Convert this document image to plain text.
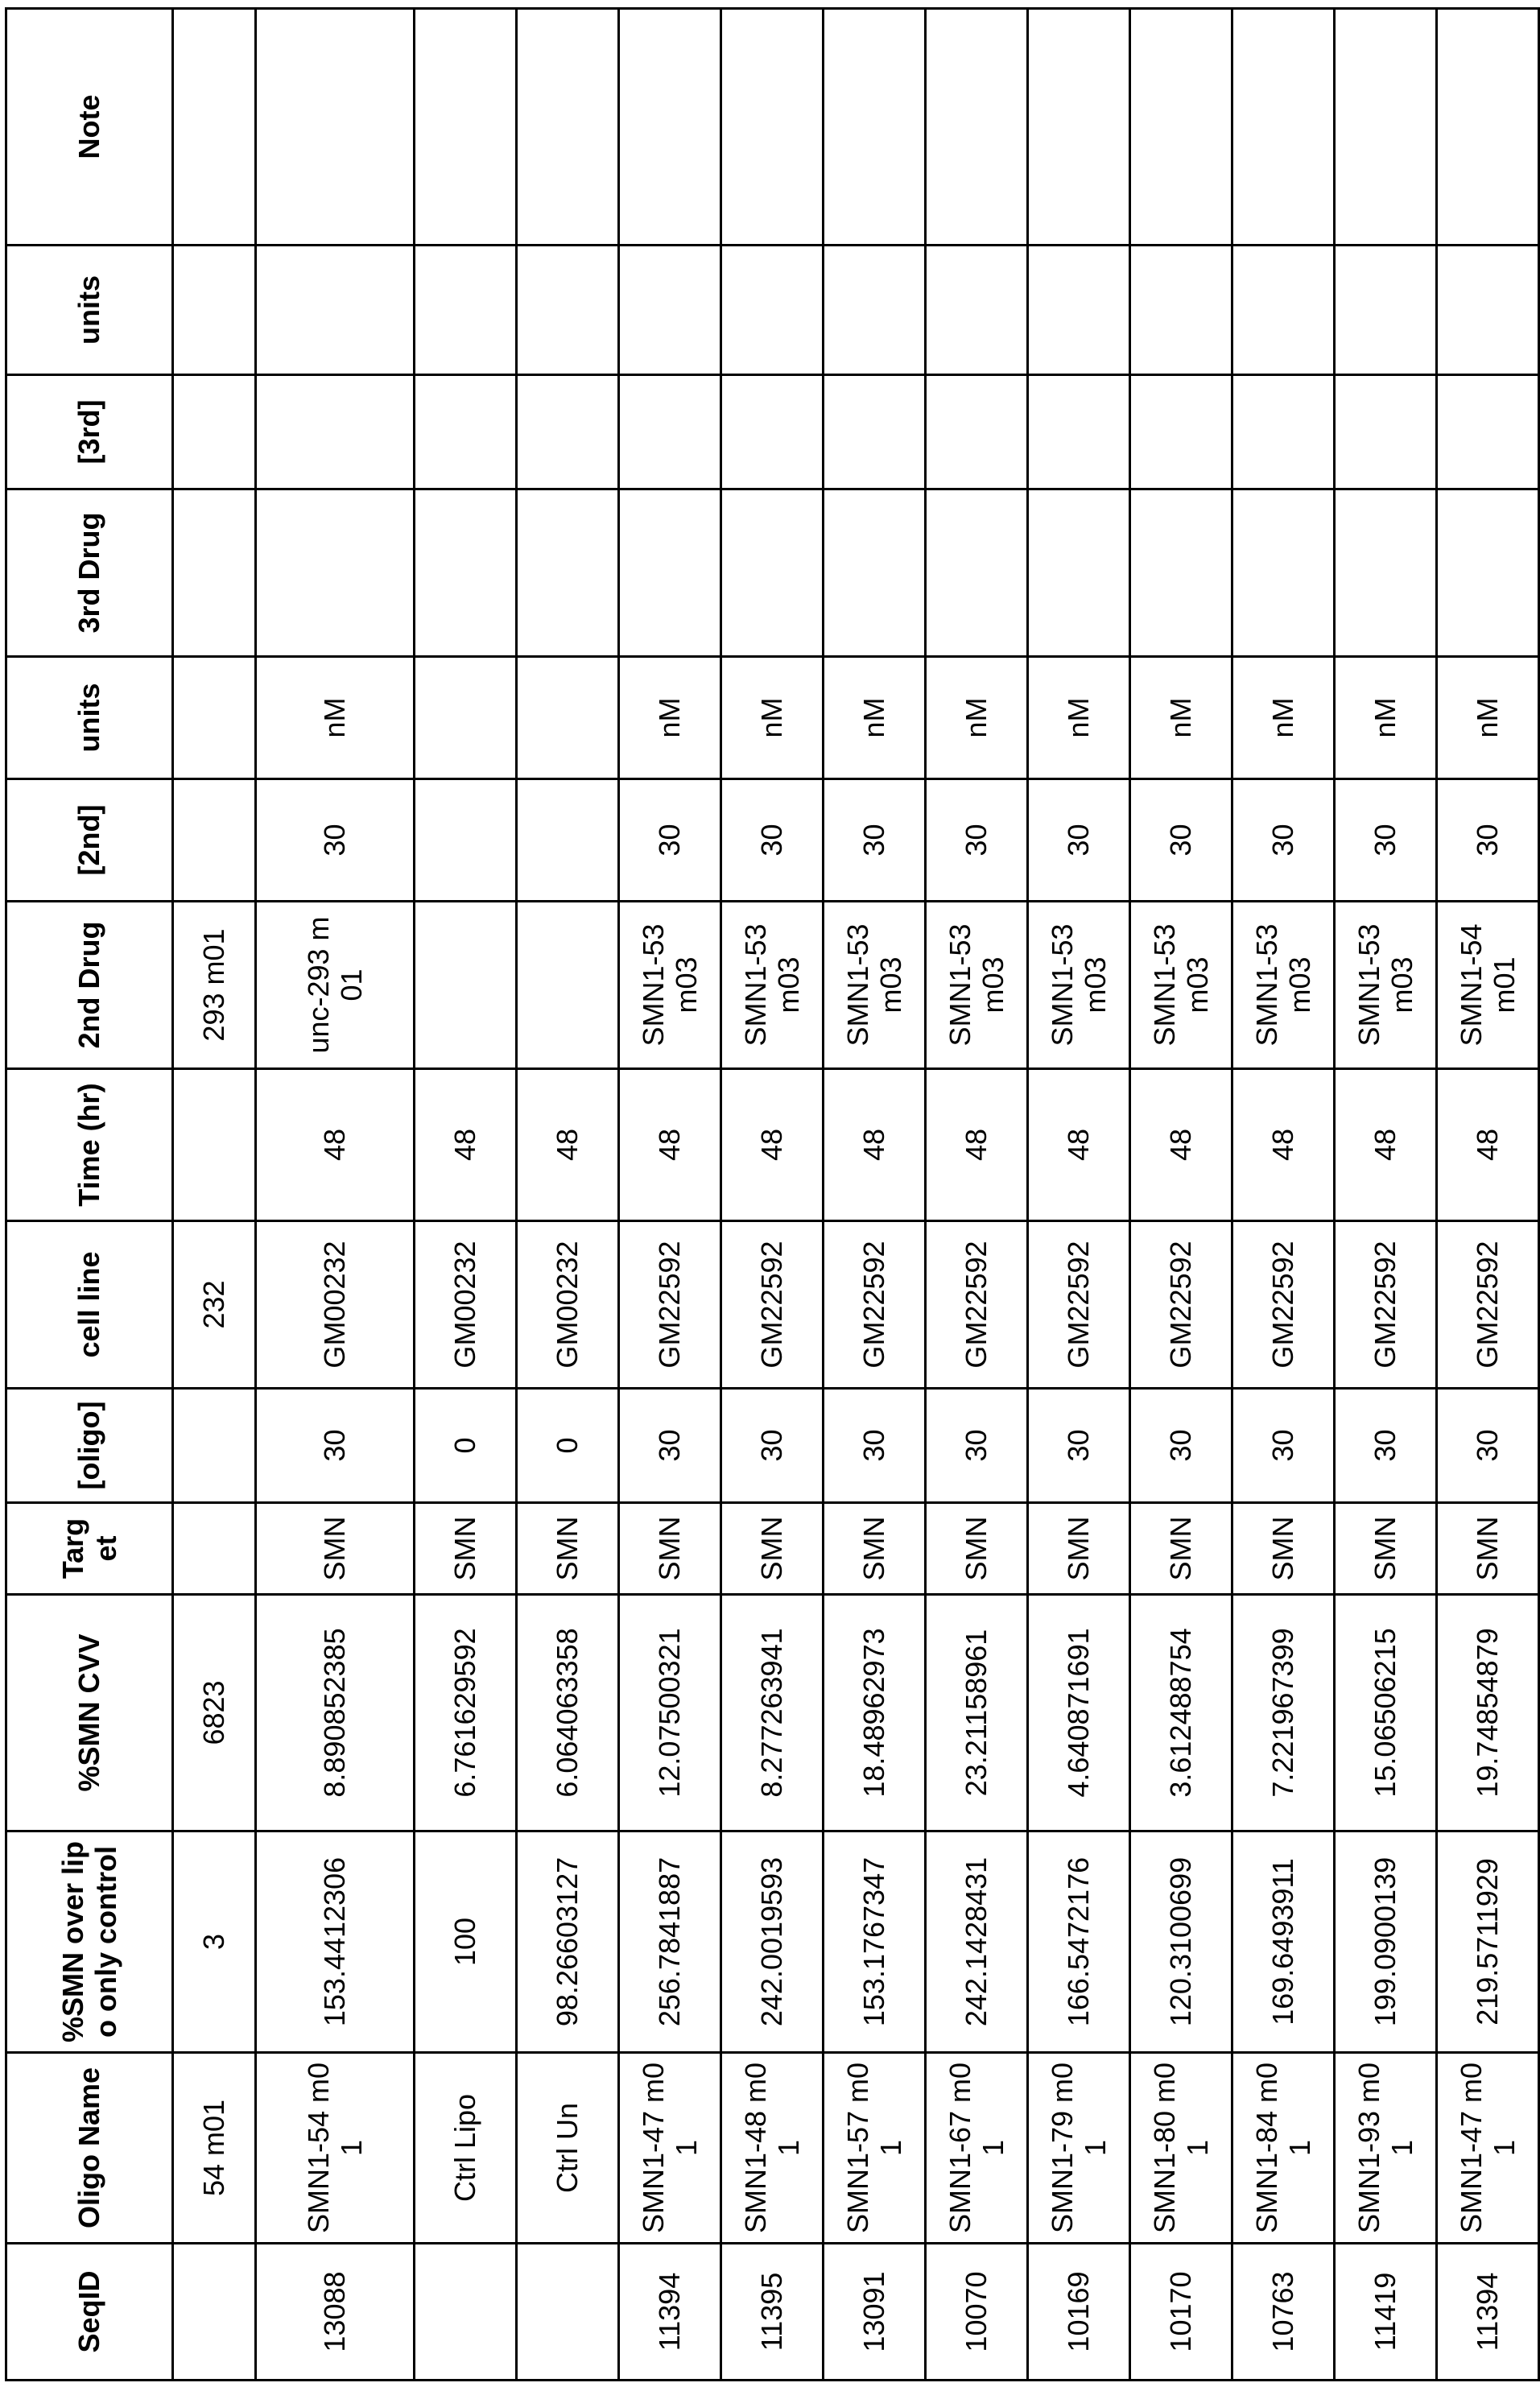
SeqID	Oligo Name	%SMN over lipo only control	%SMN CVV	Target	[oligo]	cell line	Time (hr)	2nd Drug	[2nd]	units	3rd Drug	[3rd]	units	Note
	54 m01	3	6823			232		293 m01						
13088	SMN1-54 m01	153.4412306	8.890852385	SMN	30	GM00232	48	unc-293 m01	30	nM				
	Ctrl Lipo	100	6.761629592	SMN	0	GM00232	48							
	Ctrl Un	98.26603127	6.064063358	SMN	0	GM00232	48							
11394	SMN1-47 m01	256.7841887	12.07500321	SMN	30	GM22592	48	SMN1-53 m03	30	nM				
11395	SMN1-48 m01	242.0019593	8.277263941	SMN	30	GM22592	48	SMN1-53 m03	30	nM				
13091	SMN1-57 m01	153.1767347	18.48962973	SMN	30	GM22592	48	SMN1-53 m03	30	nM				
10070	SMN1-67 m01	242.1428431	23.21158961	SMN	30	GM22592	48	SMN1-53 m03	30	nM				
10169	SMN1-79 m01	166.5472176	4.640871691	SMN	30	GM22592	48	SMN1-53 m03	30	nM				
10170	SMN1-80 m01	120.3100699	3.612488754	SMN	30	GM22592	48	SMN1-53 m03	30	nM				
10763	SMN1-84 m01	169.6493911	7.221967399	SMN	30	GM22592	48	SMN1-53 m03	30	nM				
11419	SMN1-93 m01	199.0900139	15.06506215	SMN	30	GM22592	48	SMN1-53 m03	30	nM				
11394	SMN1-47 m01	219.5711929	19.74854879	SMN	30	GM22592	48	SMN1-54 m01	30	nM				
